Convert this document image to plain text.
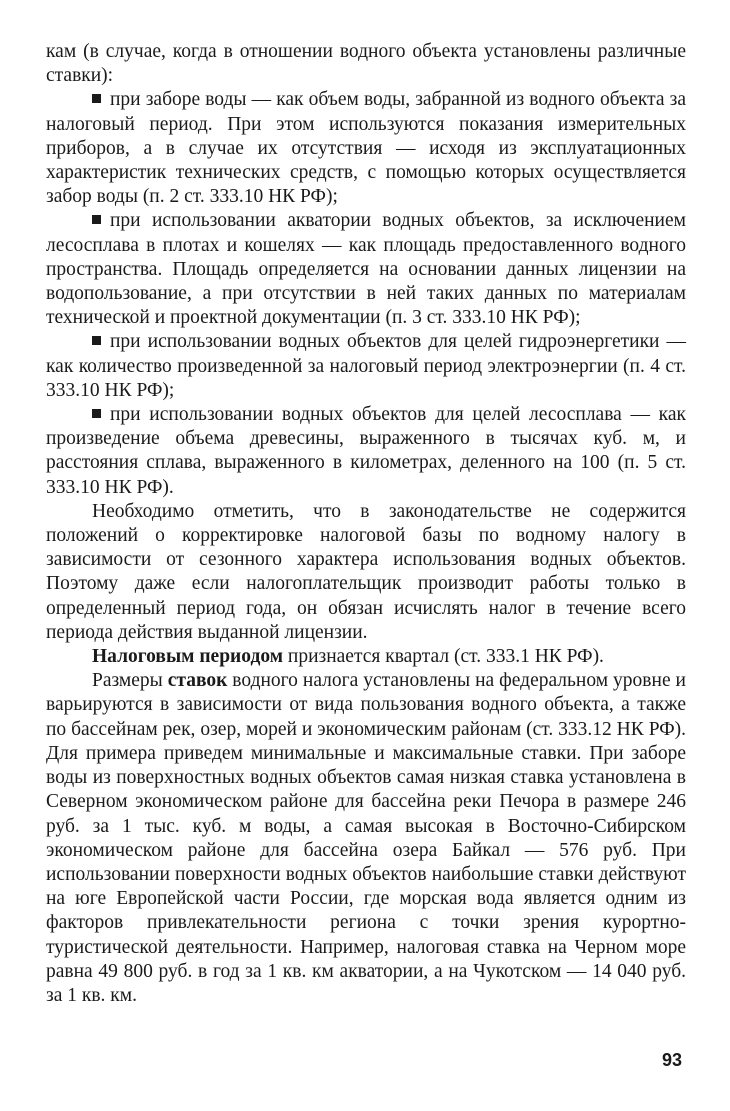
кам (в случае, когда в отношении водного объекта установлены различные ставки):

при заборе воды — как объем воды, забранной из водного объекта за налоговый период. При этом используются показания измерительных приборов, а в случае их отсутствия — исходя из эксплуатационных характеристик технических средств, с помощью которых осуществляется забор воды (п. 2 ст. 333.10 НК РФ);

при использовании акватории водных объектов, за исключением лесосплава в плотах и кошелях — как площадь предоставленного водного пространства. Площадь определяется на основании данных лицензии на водопользование, а при отсутствии в ней таких данных по материалам технической и проектной документации (п. 3 ст. 333.10 НК РФ);

при использовании водных объектов для целей гидроэнергетики — как количество произведенной за налоговый период электроэнергии (п. 4 ст. 333.10 НК РФ);

при использовании водных объектов для целей лесосплава — как произведение объема древесины, выраженного в тысячах куб. м, и расстояния сплава, выраженного в километрах, деленного на 100 (п. 5 ст. 333.10 НК РФ).

Необходимо отметить, что в законодательстве не содержится положений о корректировке налоговой базы по водному налогу в зависимости от сезонного характера использования водных объектов. Поэтому даже если налогоплательщик производит работы только в определенный период года, он обязан исчислять налог в течение всего периода действия выданной лицензии.

Налоговым периодом признается квартал (ст. 333.1 НК РФ).

Размеры ставок водного налога установлены на федеральном уровне и варьируются в зависимости от вида пользования водного объекта, а также по бассейнам рек, озер, морей и экономическим районам (ст. 333.12 НК РФ). Для примера приведем минимальные и максимальные ставки. При заборе воды из поверхностных водных объектов самая низкая ставка установлена в Северном экономическом районе для бассейна реки Печора в размере 246 руб. за 1 тыс. куб. м воды, а самая высокая в Восточно-Сибирском экономическом районе для бассейна озера Байкал — 576 руб. При использовании поверхности водных объектов наибольшие ставки действуют на юге Европейской части России, где морская вода является одним из факторов привлекательности региона с точки зрения курортно-туристической деятельности. Например, налоговая ставка на Черном море равна 49 800 руб. в год за 1 кв. км акватории, а на Чукотском — 14 040 руб. за 1 кв. км.

93
